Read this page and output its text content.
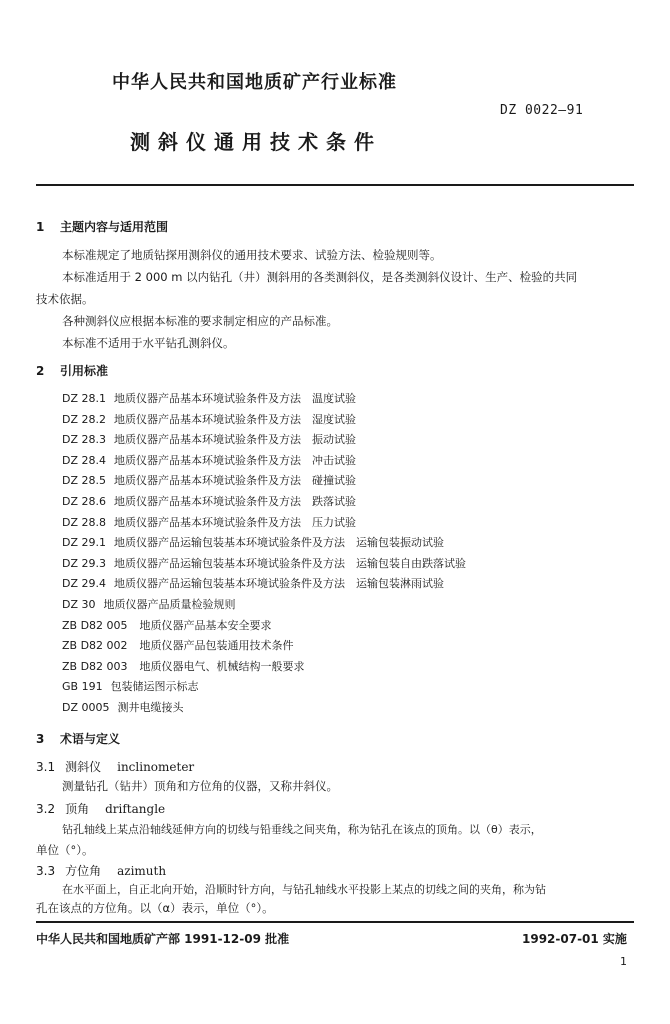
中华人民共和国地质矿产行业标准
DZ 0022—91
测斜仪通用技术条件
1 主题内容与适用范围
本标准规定了地质钻探用测斜仪的通用技术要求、试验方法、检验规则等。
本标准适用于 2 000 m 以内钻孔（井）测斜用的各类测斜仪，是各类测斜仪设计、生产、检验的共同
技术依据。
各种测斜仪应根据本标准的要求制定相应的产品标准。
本标准不适用于水平钻孔测斜仪。
2 引用标准
DZ 28.1 地质仪器产品基本环境试验条件及方法　温度试验
DZ 28.2 地质仪器产品基本环境试验条件及方法　湿度试验
DZ 28.3 地质仪器产品基本环境试验条件及方法　振动试验
DZ 28.4 地质仪器产品基本环境试验条件及方法　冲击试验
DZ 28.5 地质仪器产品基本环境试验条件及方法　碰撞试验
DZ 28.6 地质仪器产品基本环境试验条件及方法　跌落试验
DZ 28.8 地质仪器产品基本环境试验条件及方法　压力试验
DZ 29.1 地质仪器产品运输包装基本环境试验条件及方法　运输包装振动试验
DZ 29.3 地质仪器产品运输包装基本环境试验条件及方法　运输包装自由跌落试验
DZ 29.4 地质仪器产品运输包装基本环境试验条件及方法　运输包装淋雨试验
DZ 30 地质仪器产品质量检验规则
ZB D82 005 地质仪器产品基本安全要求
ZB D82 002 地质仪器产品包装通用技术条件
ZB D82 003 地质仪器电气、机械结构一般要求
GB 191 包装储运图示标志
DZ 0005 测井电缆接头
3 术语与定义
3.1 测斜仪 inclinometer
测量钻孔（钻井）顶角和方位角的仪器，又称井斜仪。
3.2 顶角 driftangle
钻孔轴线上某点沿轴线延伸方向的切线与铅垂线之间夹角，称为钻孔在该点的顶角。以（θ）表示，
单位（°）。
3.3 方位角 azimuth
在水平面上，自正北向开始，沿顺时针方向，与钻孔轴线水平投影上某点的切线之间的夹角，称为钻
孔在该点的方位角。以（α）表示，单位（°）。
中华人民共和国地质矿产部 1991-12-09 批准	1992-07-01 实施
1
